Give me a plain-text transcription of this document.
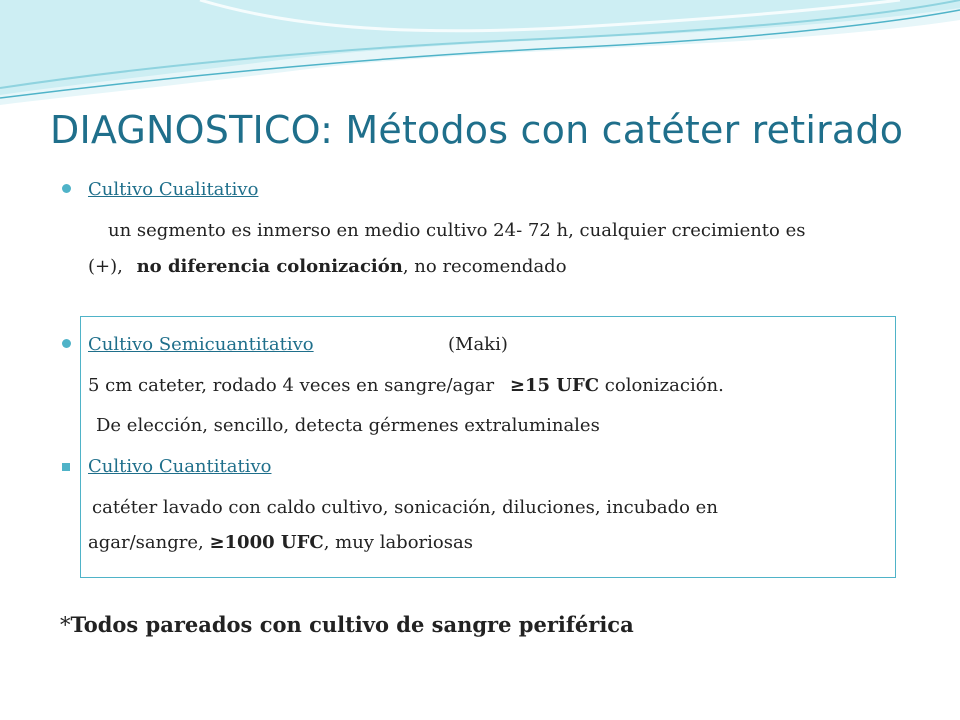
DIAGNOSTICO: Métodos con catéter retirado
Cultivo Cualitativo
un segmento es inmerso en medio cultivo 24- 72 h, cualquier crecimiento es
(+), no diferencia colonización, no recomendado
Cultivo Semicuantitativo	(Maki)
5 cm cateter, rodado 4 veces en sangre/agar ≥15 UFC colonización.
De elección, sencillo, detecta gérmenes extraluminales
Cultivo Cuantitativo
catéter lavado con caldo cultivo, sonicación, diluciones, incubado en
agar/sangre, ≥1000 UFC, muy laboriosas
*Todos pareados con cultivo de sangre periférica
